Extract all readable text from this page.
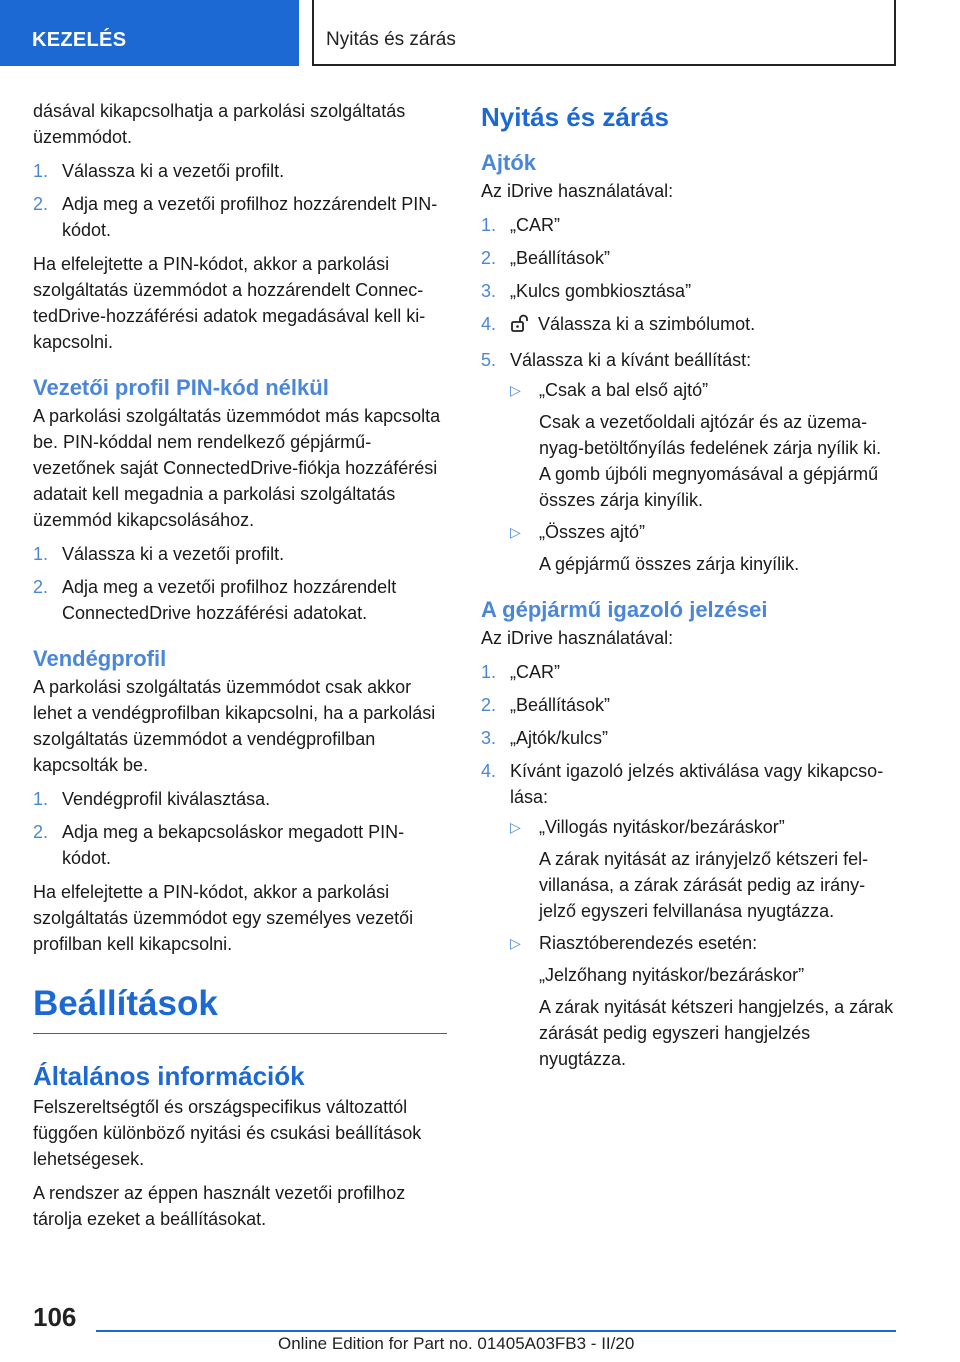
KEZELÉS	Nyitás és zárás

dásával kikapcsolhatja a parkolási szolgáltatás üzemmódot.

1. Válassza ki a vezetői profilt.
2. Adja meg a vezetői profilhoz hozzárendelt PIN-kódot.

Ha elfelejtette a PIN-kódot, akkor a parkolási szolgáltatás üzemmódot a hozzárendelt ConnectedDrive-hozzáférési adatok megadásával kell kikapcsolni.

Vezetői profil PIN-kód nélkül

A parkolási szolgáltatás üzemmódot más kapcsolta be. PIN-kóddal nem rendelkező gépjárművezetőnek saját ConnectedDrive-fiókja hozzáférési adatait kell megadnia a parkolási szolgáltatás üzemmód kikapcsolásához.

1. Válassza ki a vezetői profilt.
2. Adja meg a vezetői profilhoz hozzárendelt ConnectedDrive hozzáférési adatokat.
Vendégprofil

A parkolási szolgáltatás üzemmódot csak akkor lehet a vendégprofilban kikapcsolni, ha a parkolási szolgáltatás üzemmódot a vendégprofilban kapcsolták be.

1. Vendégprofil kiválasztása.
2. Adja meg a bekapcsoláskor megadott PIN-kódot.

Ha elfelejtette a PIN-kódot, akkor a parkolási szolgáltatás üzemmódot egy személyes vezetői profilban kell kikapcsolni.

Beállítások
Általános információk

Felszereltségtől és országspecifikus változattól függően különböző nyitási és csukási beállítások lehetségesek.

A rendszer az éppen használt vezetői profilhoz tárolja ezeket a beállításokat.

Nyitás és zárás
Ajtók

Az iDrive használatával:

1. „CAR”
2. „Beállítások”
3. „Kulcs gombkiosztása”
4. Válassza ki a szimbólumot.
5. Válassza ki a kívánt beállítást:
▷ „Csak a bal első ajtó”
Csak a vezetőoldali ajtózár és az üzemanyag-betöltőnyílás fedelének zárja nyílik ki. A gomb újbóli megnyomásával a gépjármű összes zárja kinyílik.
▷ „Összes ajtó”
A gépjármű összes zárja kinyílik.
A gépjármű igazoló jelzései

Az iDrive használatával:

1. „CAR”
2. „Beállítások”
3. „Ajtók/kulcs”
4. Kívánt igazoló jelzés aktiválása vagy kikapcsolása:
▷ „Villogás nyitáskor/bezáráskor”
A zárak nyitását az irányjelző kétszeri felvillanása, a zárak zárását pedig az irányjelző egyszeri felvillanása nyugtázza.
▷ Riasztóberendezés esetén:
„Jelzőhang nyitáskor/bezáráskor”
A zárak nyitását kétszeri hangjelzés, a zárak zárását pedig egyszeri hangjelzés nyugtázza.
106
Online Edition for Part no. 01405A03FB3 - II/20
